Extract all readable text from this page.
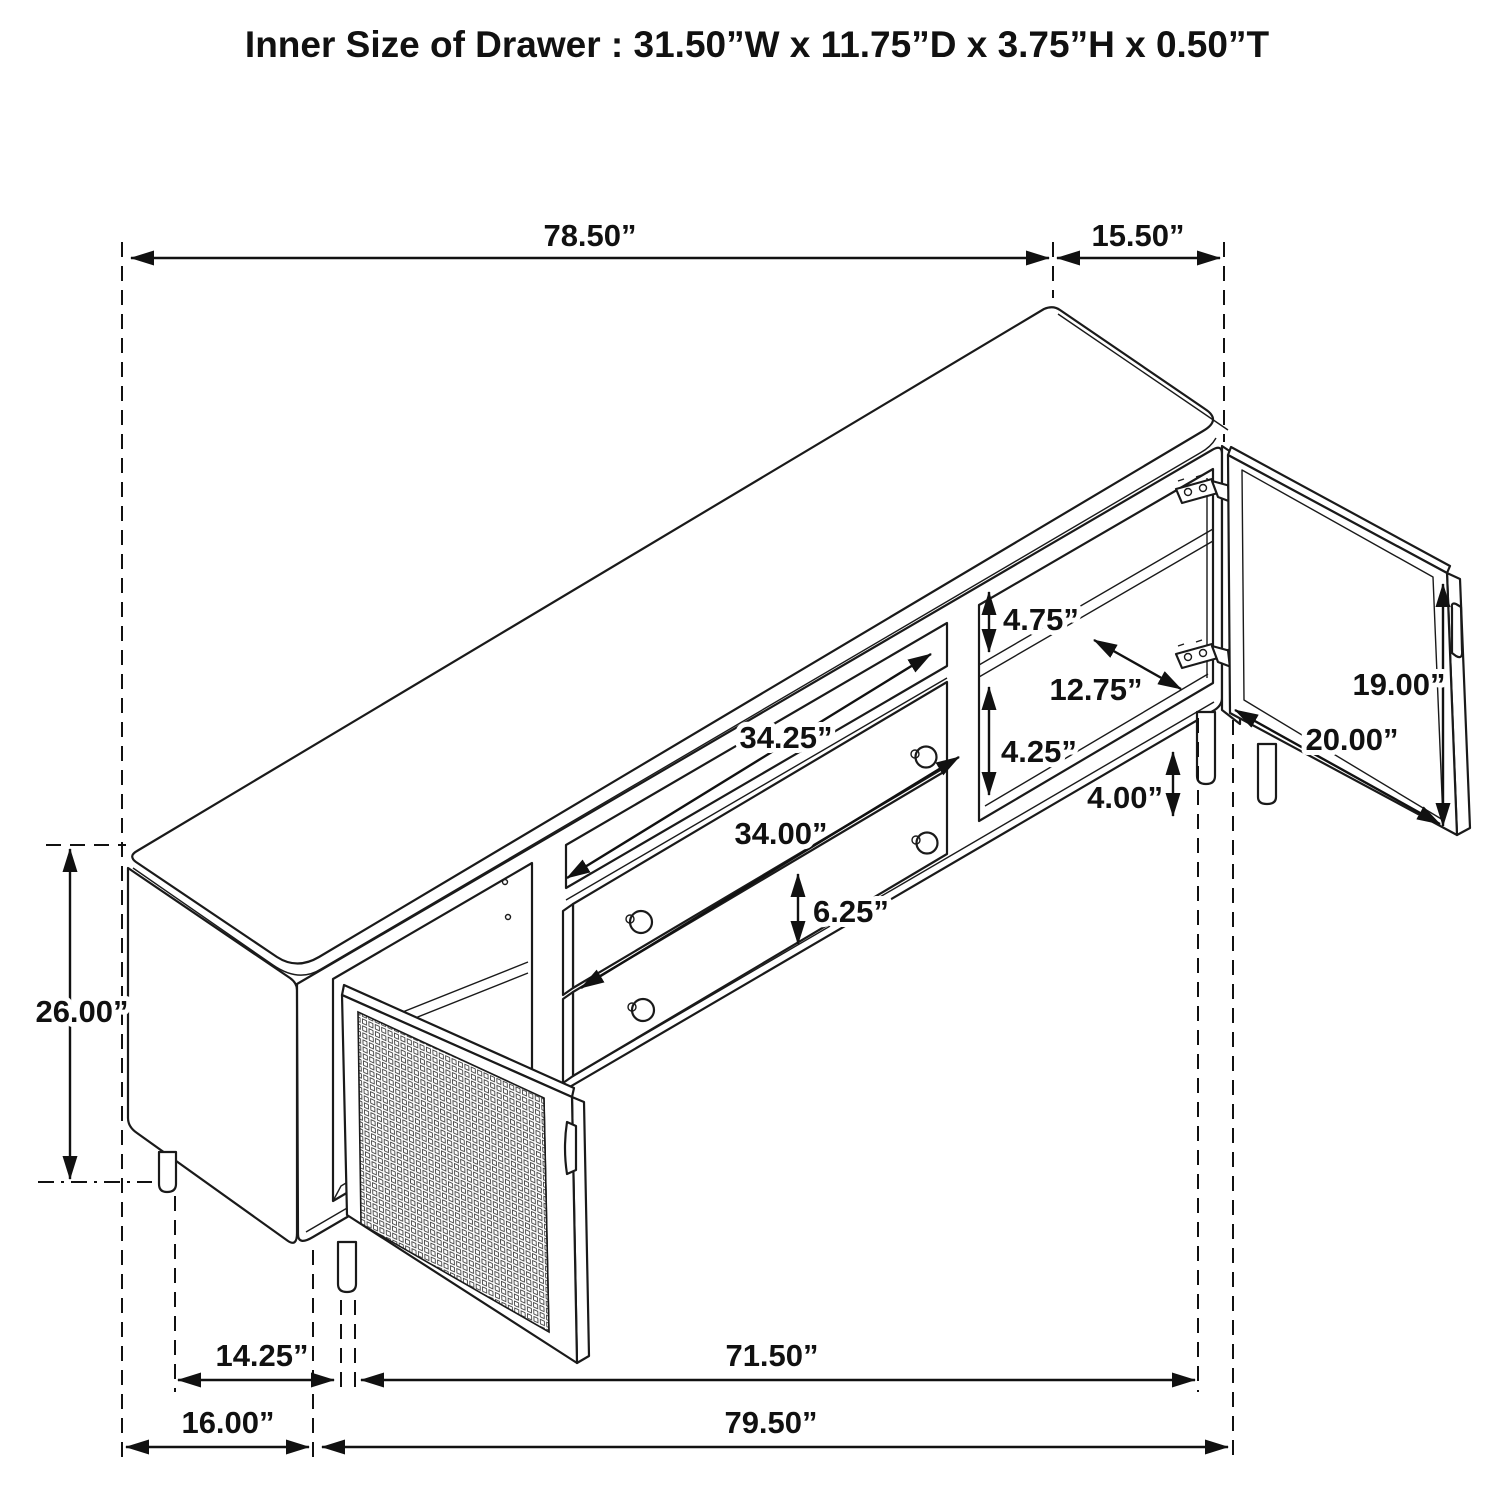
78.50”	15.50”
26.00”
4.75”
12.75”
4.25”
4.00”
34.25”
34.00”
6.25”
19.00”
20.00”
14.25”	71.50”
16.00”	79.50”
Inner Size of Drawer : 31.50”W x 11.75”D x 3.75”H x 0.50”T
